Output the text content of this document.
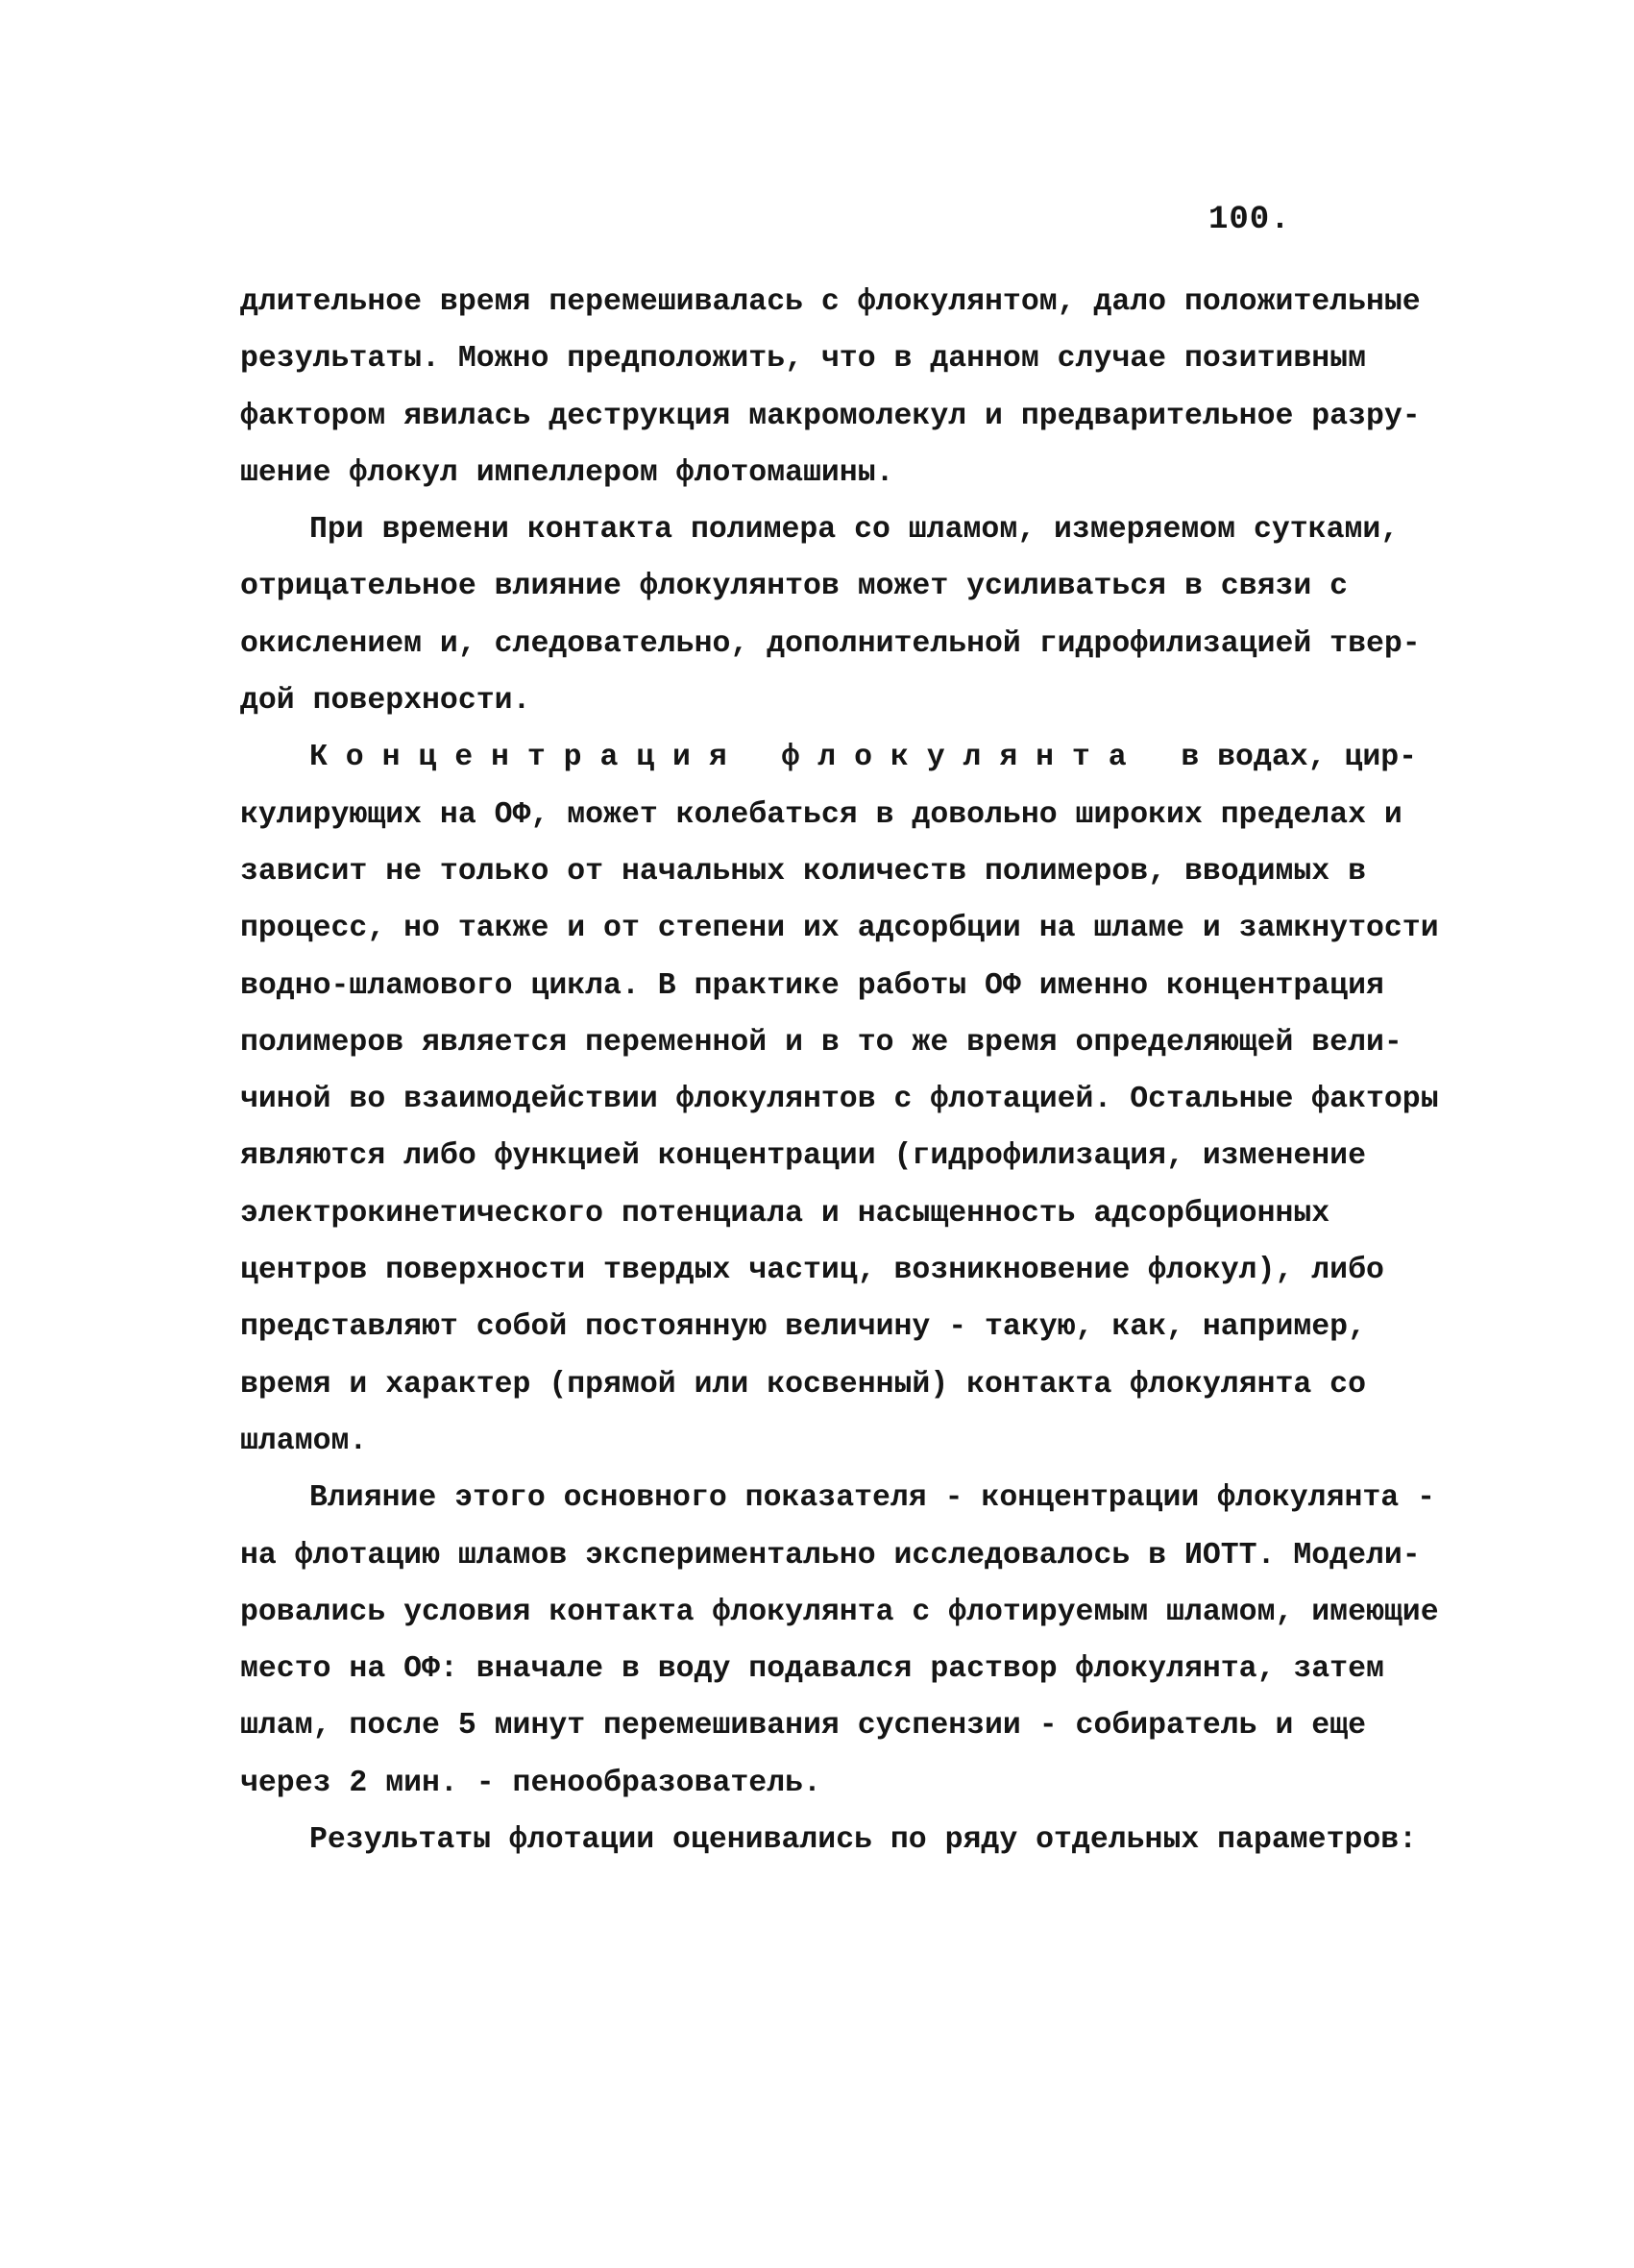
100.
длительное время перемешивалась с флокулянтом, дало положительные
результаты. Можно предположить, что в данном случае позитивным
фактором явилась деструкция макромолекул и предварительное разру-
шение флокул импеллером флотомашины.
При времени контакта полимера со шламом, измеряемом сутками,
отрицательное влияние флокулянтов может усиливаться в связи с
окислением и, следовательно, дополнительной гидрофилизацией твер-
дой поверхности.
К о н ц е н т р а ц и я   ф л о к у л я н т а   в водах, цир-
кулирующих на ОФ, может колебаться в довольно широких пределах и
зависит не только от начальных количеств полимеров, вводимых в
процесс, но также и от степени их адсорбции на шламе и замкнутости
водно-шламового цикла. В практике работы ОФ именно концентрация
полимеров является переменной и в то же время определяющей вели-
чиной во взаимодействии флокулянтов с флотацией. Остальные факторы
являются либо функцией концентрации (гидрофилизация, изменение
электрокинетического потенциала и насыщенность адсорбционных
центров поверхности твердых частиц, возникновение флокул), либо
представляют собой постоянную величину - такую, как, например,
время и характер (прямой или косвенный) контакта флокулянта со
шламом.
Влияние этого основного показателя - концентрации флокулянта -
на флотацию шламов экспериментально исследовалось в ИОТТ. Модели-
ровались условия контакта флокулянта с флотируемым шламом, имеющие
место на ОФ: вначале в воду подавался раствор флокулянта, затем
шлам, после 5 минут перемешивания суспензии - собиратель и еще
через 2 мин. - пенообразователь.
Результаты флотации оценивались по ряду отдельных параметров:
